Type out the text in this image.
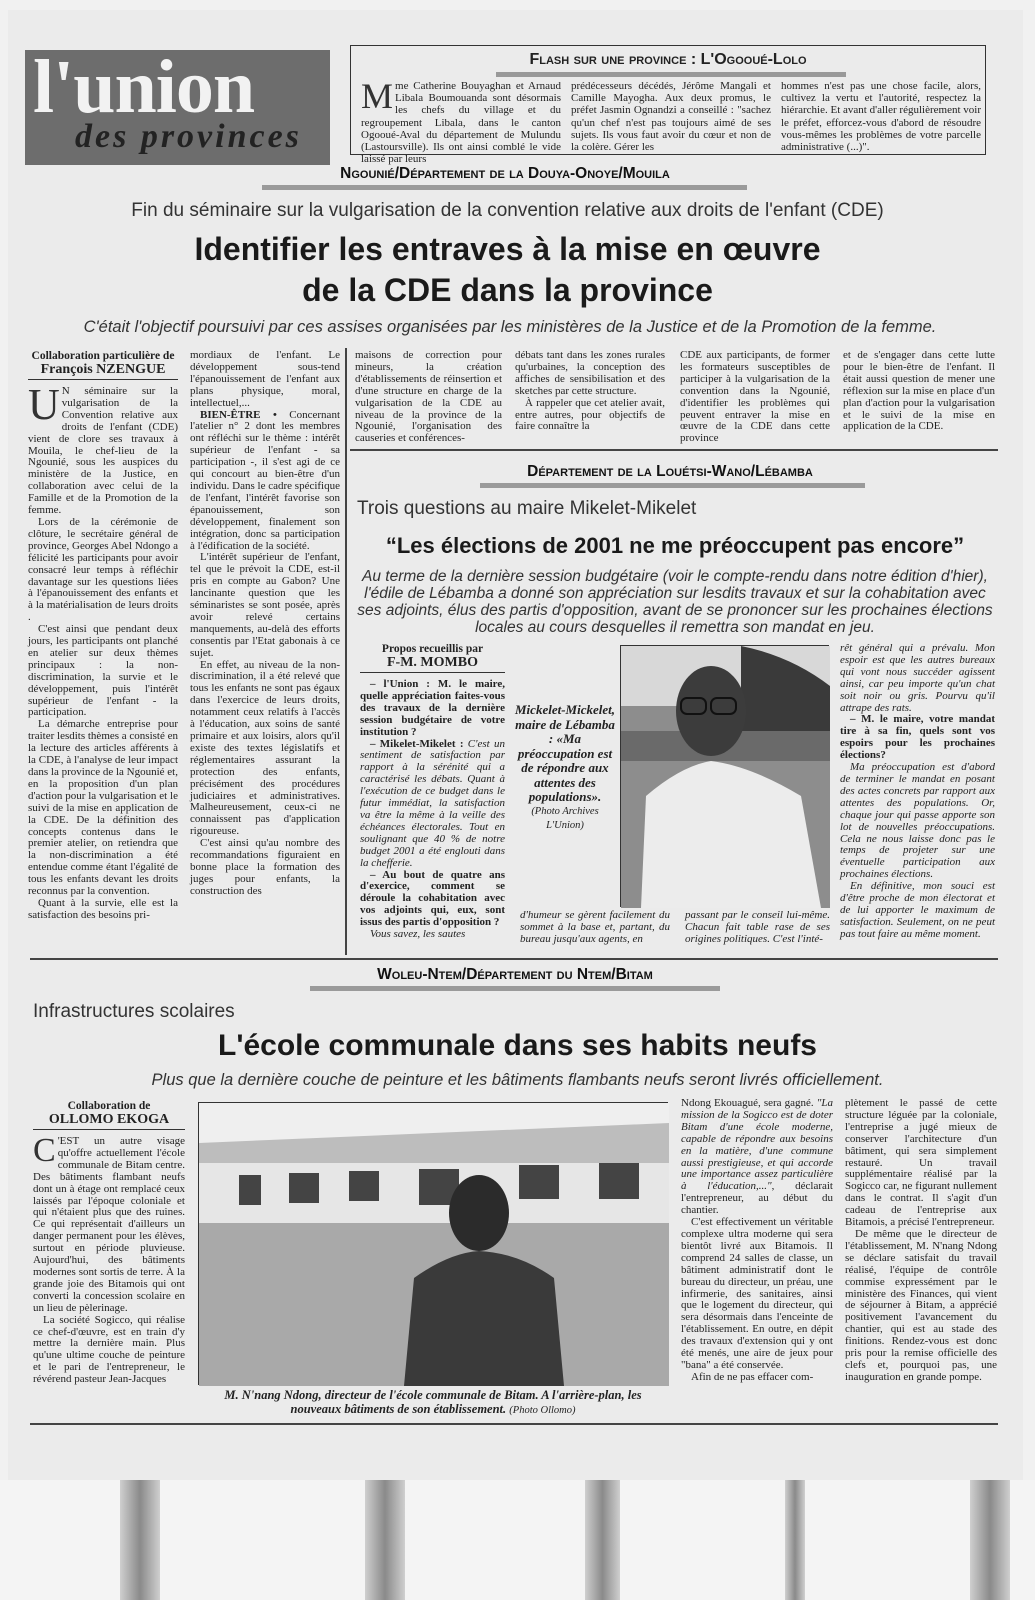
l'union
des provinces
Flash sur une province : L'Ogooué-Lolo
Mme Catherine Bouyaghan et Arnaud Libala Boumouanda sont désormais les chefs du village et du regroupement Libala, dans le canton Ogooué-Aval du département de Mulundu (Lastoursville). Ils ont ainsi comblé le vide laissé par leurs
prédécesseurs décédés, Jérôme Mangali et Camille Mayogha. Aux deux promus, le préfet Jasmin Ognandzi a conseillé : "sachez qu'un chef n'est pas toujours aimé de ses sujets. Ils vous faut avoir du cœur et non de la colère. Gérer les
hommes n'est pas une chose facile, alors, cultivez la vertu et l'autorité, respectez la hiérarchie. Et avant d'aller régulièrement voir le préfet, efforcez-vous d'abord de résoudre vous-mêmes les problèmes de votre parcelle administrative (...)".
Ngounié/Département de la Douya-Onoye/Mouila
Fin du séminaire sur la vulgarisation de la convention relative aux droits de l'enfant (CDE)
Identifier les entraves à la mise en œuvre
de la CDE dans la province
C'était l'objectif poursuivi par ces assises organisées par les ministères de la Justice et de la Promotion de la femme.
Collaboration particulière de
François NZENGUE

U N séminaire sur la vulgarisation de la Convention relative aux droits de l'enfant (CDE) vient de clore ses travaux à Mouila, le chef-lieu de la Ngounié, sous les auspices du ministère de la Justice, en collaboration avec celui de la Famille et de la Promotion de la femme.

Lors de la cérémonie de clôture, le secrétaire général de province, Georges Abel Ndongo a félicité les participants pour avoir consacré leur temps à réfléchir davantage sur les questions liées à l'épanouissement des enfants et à la matérialisation de leurs droits .

C'est ainsi que pendant deux jours, les participants ont planché en atelier sur deux thèmes principaux : la non-discrimination, la survie et le développement, puis l'intérêt supérieur de l'enfant - la participation.

La démarche entreprise pour traiter lesdits thèmes a consisté en la lecture des articles afférents à la CDE, à l'analyse de leur impact dans la province de la Ngounié et, en la proposition d'un plan d'action pour la vulgarisation et le suivi de la mise en application de la CDE. De la définition des concepts contenus dans le premier atelier, on retiendra que la non-discrimination a été entendue comme étant l'égalité de tous les enfants devant les droits reconnus par la convention.

Quant à la survie, elle est la satisfaction des besoins pri-

mordiaux de l'enfant. Le développement sous-tend l'épanouissement de l'enfant aux plans physique, moral, intellectuel,...

BIEN-ÊTRE • Concernant l'atelier n° 2 dont les membres ont réfléchi sur le thème : intérêt supérieur de l'enfant - sa participation -, il s'est agi de ce qui concourt au bien-être d'un individu. Dans le cadre spécifique de l'enfant, l'intérêt favorise son épanouissement, son développement, finalement son intégration, donc sa participation à l'édification de la société.

L'intérêt supérieur de l'enfant, tel que le prévoit la CDE, est-il pris en compte au Gabon? Une lancinante question que les séminaristes se sont posée, après avoir relevé certains manquements, au-delà des efforts consentis par l'Etat gabonais à ce sujet.

En effet, au niveau de la non-discrimination, il a été relevé que tous les enfants ne sont pas égaux dans l'exercice de leurs droits, notamment ceux relatifs à l'accès à l'éducation, aux soins de santé primaire et aux loisirs, alors qu'il existe des textes législatifs et réglementaires assurant la protection des enfants, précisément des procédures judiciaires et administratives. Malheureusement, ceux-ci ne connaissent pas d'application rigoureuse.

C'est ainsi qu'au nombre des recommandations figuraient en bonne place la formation des juges pour enfants, la construction des

maisons de correction pour mineurs, la création d'établissements de réinsertion et d'une structure en charge de la vulgarisation de la CDE au niveau de la province de la Ngounié, l'organisation des causeries et conférences-

débats tant dans les zones rurales qu'urbaines, la conception des affiches de sensibilisation et des sketches par cette structure.

À rappeler que cet atelier avait, entre autres, pour objectifs de faire connaître la

CDE aux participants, de former les formateurs susceptibles de participer à la vulgarisation de la convention dans la Ngounié, d'identifier les problèmes qui peuvent entraver la mise en œuvre de la CDE dans cette province
et de s'engager dans cette lutte pour le bien-être de l'enfant. Il était aussi question de mener une réflexion sur la mise en place d'un plan d'action pour la vulgarisation et le suivi de la mise en application de la CDE.
Département de la Louétsi-Wano/Lébamba
Trois questions au maire Mikelet-Mikelet
“Les élections de 2001 ne me préoccupent pas encore”
Au terme de la dernière session budgétaire (voir le compte-rendu dans notre édition d'hier), l'édile de Lébamba a donné son appréciation sur lesdits travaux et sur la cohabitation avec ses adjoints, élus des partis d'opposition, avant de se prononcer sur les prochaines élections locales au cours desquelles il remettra son mandat en jeu.
Propos recueillis par
F-M. MOMBO

– l'Union : M. le maire, quelle appréciation faites-vous des travaux de la dernière session budgétaire de votre institution ?

– Mikelet-Mikelet : C'est un sentiment de satisfaction par rapport à la sérénité qui a caractérisé les débats. Quant à l'exécution de ce budget dans le futur immédiat, la satisfaction va être la même à la veille des échéances électorales. Tout en soulignant que 40 % de notre budget 2001 a été englouti dans la chefferie.

– Au bout de quatre ans d'exercice, comment se déroule la cohabitation avec vos adjoints qui, eux, sont issus des partis d'opposition ?

Vous savez, les sautes

Mickelet-Mickelet, maire de Lébamba : «Ma préoccupation est de répondre aux attentes des populations».
(Photo Archives L'Union)
d'humeur se gèrent facilement du sommet à la base et, partant, du bureau jusqu'aux agents, en
passant par le conseil lui-même. Chacun fait table rase de ses origines politiques. C'est l'inté-

rêt général qui a prévalu. Mon espoir est que les autres bureaux qui vont nous succéder agissent ainsi, car peu importe qu'un chat soit noir ou gris. Pourvu qu'il attrape des rats.

– M. le maire, votre mandat tire à sa fin, quels sont vos espoirs pour les prochaines élections?

Ma préoccupation est d'abord de terminer le mandat en posant des actes concrets par rapport aux attentes des populations. Or, chaque jour qui passe apporte son lot de nouvelles préoccupations. Cela ne nous laisse donc pas le temps de projeter sur une éventuelle participation aux prochaines élections.

En définitive, mon souci est d'être proche de mon électorat et de lui apporter le maximum de satisfaction. Seulement, on ne peut pas tout faire au même moment.

Woleu-Ntem/Département du Ntem/Bitam
Infrastructures scolaires
L'école communale dans ses habits neufs
Plus que la dernière couche de peinture et les bâtiments flambants neufs seront livrés officiellement.
Collaboration de
OLLOMO EKOGA

C 'EST un autre visage qu'offre actuellement l'école communale de Bitam centre. Des bâtiments flambant neufs dont un à étage ont remplacé ceux laissés par l'époque coloniale et qui n'étaient plus que des ruines. Ce qui représentait d'ailleurs un danger permanent pour les élèves, surtout en période pluvieuse. Aujourd'hui, des bâtiments modernes sont sortis de terre. À la grande joie des Bitamois qui ont converti la concession scolaire en un lieu de pèlerinage.

La société Sogicco, qui réalise ce chef-d'œuvre, est en train d'y mettre la dernière main. Plus qu'une ultime couche de peinture et le pari de l'entrepreneur, le révérend pasteur Jean-Jacques

M. N'nang Ndong, directeur de l'école communale de Bitam. A l'arrière-plan, les nouveaux bâtiments de son établissement. (Photo Ollomo)

Ndong Ekouagué, sera gagné. "La mission de la Sogicco est de doter Bitam d'une école moderne, capable de répondre aux besoins en la matière, d'une commune aussi prestigieuse, et qui accorde une importance assez particulière à l'éducation,...", déclarait l'entrepreneur, au début du chantier.

C'est effectivement un véritable complexe ultra moderne qui sera bientôt livré aux Bitamois. Il comprend 24 salles de classe, un bâtiment administratif dont le bureau du directeur, un préau, une infirmerie, des sanitaires, ainsi que le logement du directeur, qui sera désormais dans l'enceinte de l'établissement. En outre, en dépit des travaux d'extension qui y ont été menés, une aire de jeux pour "bana" a été conservée.

Afin de ne pas effacer com-

plètement le passé de cette structure léguée par la coloniale, l'entreprise a jugé mieux de conserver l'architecture d'un bâtiment, qui sera simplement restauré. Un travail supplémentaire réalisé par la Sogicco car, ne figurant nullement dans le contrat. Il s'agit d'un cadeau de l'entreprise aux Bitamois, a précisé l'entrepreneur.

De même que le directeur de l'établissement, M. N'nang Ndong se déclare satisfait du travail réalisé, l'équipe de contrôle commise expressément par le ministère des Finances, qui vient de séjourner à Bitam, a apprécié positivement l'avancement du chantier, qui est au stade des finitions. Rendez-vous est donc pris pour la remise officielle des clefs et, pourquoi pas, une inauguration en grande pompe.
